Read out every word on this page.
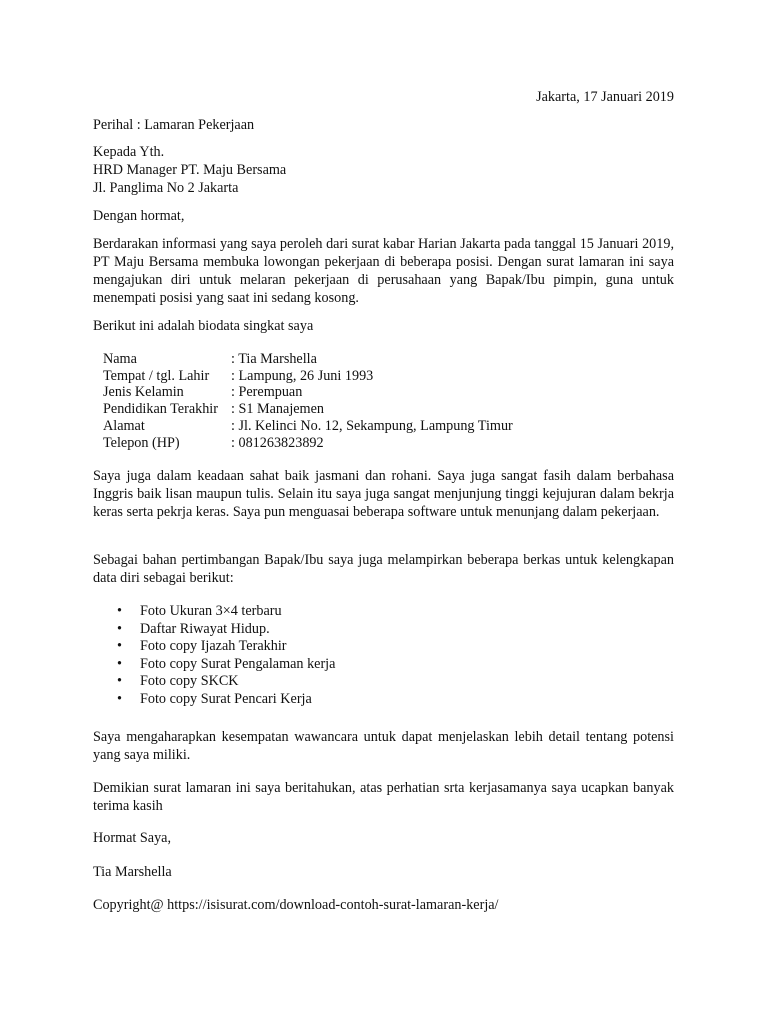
Jakarta, 17 Januari 2019
Perihal : Lamaran Pekerjaan
Kepada Yth.
HRD Manager PT. Maju Bersama
Jl. Panglima No 2 Jakarta
Dengan hormat,
Berdarakan informasi yang saya peroleh dari surat kabar Harian Jakarta pada tanggal 15 Januari 2019, PT Maju Bersama membuka lowongan pekerjaan di beberapa posisi. Dengan surat lamaran ini saya mengajukan diri untuk melaran pekerjaan di perusahaan yang Bapak/Ibu pimpin, guna untuk menempati posisi yang saat ini sedang kosong.
Berikut ini adalah biodata singkat saya
Nama	: Tia Marshella
Tempat / tgl. Lahir	: Lampung, 26 Juni 1993
Jenis Kelamin	: Perempuan
Pendidikan Terakhir	: S1 Manajemen
Alamat	: Jl. Kelinci No. 12, Sekampung, Lampung Timur
Telepon (HP)	: 081263823892
Saya juga dalam keadaan sahat baik jasmani dan rohani. Saya juga sangat fasih dalam berbahasa Inggris baik lisan maupun tulis. Selain itu saya juga sangat menjunjung tinggi kejujuran dalam bekrja keras serta pekrja keras. Saya pun menguasai beberapa software untuk menunjang dalam pekerjaan.
Sebagai bahan pertimbangan Bapak/Ibu saya juga melampirkan beberapa berkas untuk kelengkapan data diri sebagai berikut:
• Foto Ukuran 3×4 terbaru
• Daftar Riwayat Hidup.
• Foto copy Ijazah Terakhir
• Foto copy Surat Pengalaman kerja
• Foto copy SKCK
• Foto copy Surat Pencari Kerja
Saya mengaharapkan kesempatan wawancara untuk dapat menjelaskan lebih detail tentang potensi yang saya miliki.
Demikian surat lamaran ini saya beritahukan, atas perhatian srta kerjasamanya saya ucapkan banyak terima kasih
Hormat Saya,
Tia Marshella
Copyright@ https://isisurat.com/download-contoh-surat-lamaran-kerja/
